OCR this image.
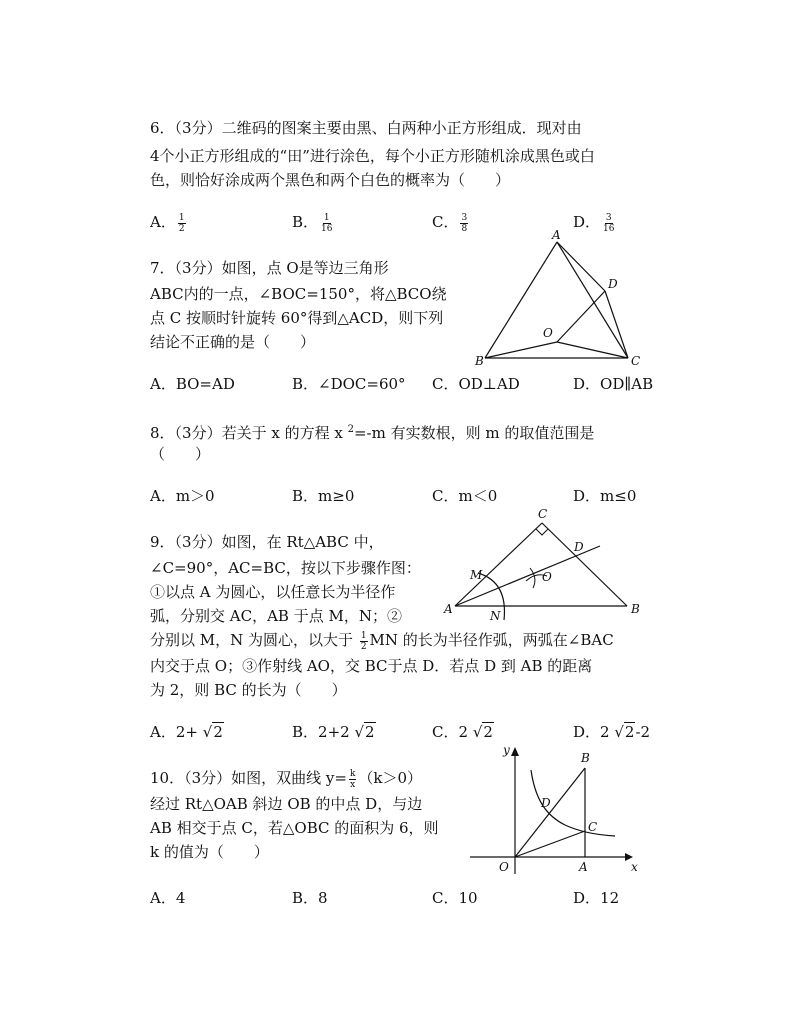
6．（3分）二维码的图案主要由黑、白两种小正方形组成．现对由
4个小正方形组成的“田”进行涂色，每个小正方形随机涂成黑色或白
色，则恰好涂成两个黑色和两个白色的概率为（　　）
A． $\frac{1}{2}$	B． $\frac{1}{16}$	C． $\frac{3}{8}$	D． $\frac{3}{16}$
7．（3分）如图，点 O是等边三角形
ABC内的一点，∠BOC=150°，将△BCO绕
点 C 按顺时针旋转 60°得到△ACD，则下列
结论不正确的是（　　）
A
B	C
D
O
A．BO=AD	B．∠DOC=60° C．OD⊥AD	D．OD∥AB
8．（3分）若关于 x 的方程 x $^2$=-m 有实数根，则 m 的取值范围是
（　　）
A．m＞0	B．m≥0	C．m＜0	D．m≤0
9．（3分）如图，在 Rt△ABC 中，
∠C=90°，AC=BC，按以下步骤作图：
①以点 A 为圆心，以任意长为半径作
弧，分别交 AC，AB 于点 M，N；②
分别以 M，N 为圆心，以大于 $\frac{1}{2}$ MN 的长为半径作弧，两弧在∠BAC
内交于点 O；③作射线 AO，交 BC于点 D．若点 D 到 AB 的距离
为 2，则 BC 的长为（　　）
C
D
M	O
A	N	B
A．2+ √2	B．2+2 √2	C．2 √2	D．2 √2-2
10．（3分）如图，双曲线 $y= \frac{k}{x} (k>0)$
经过 Rt△OAB 斜边 OB 的中点 D，与边
AB 相交于点 C，若△OBC 的面积为 6，则
k 的值为（　　）
y
x
B
D
C
O	A
A．4	B．8	C．10	D．12
